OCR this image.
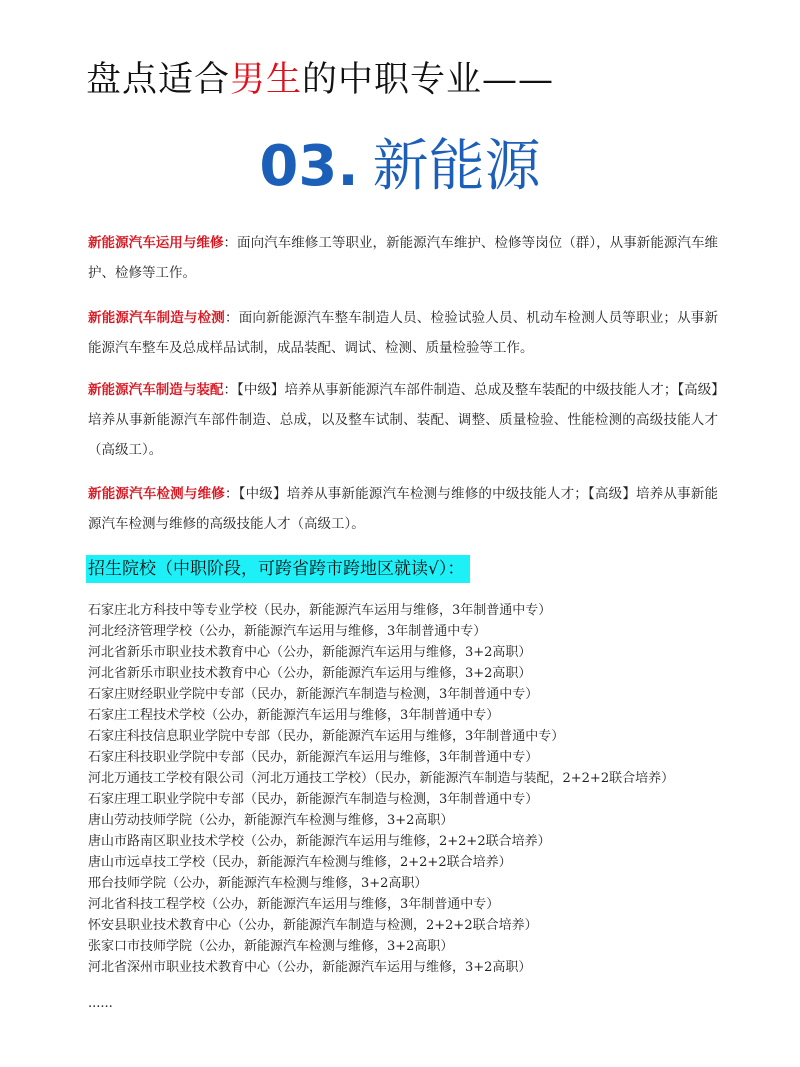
盘点适合男生的中职专业——
03. 新能源
新能源汽车运用与维修：面向汽车维修工等职业，新能源汽车维护、检修等岗位（群），从事新能源汽车维护、检修等工作。
新能源汽车制造与检测：面向新能源汽车整车制造人员、检验试验人员、机动车检测人员等职业；从事新能源汽车整车及总成样品试制，成品装配、调试、检测、质量检验等工作。
新能源汽车制造与装配：【中级】培养从事新能源汽车部件制造、总成及整车装配的中级技能人才；【高级】培养从事新能源汽车部件制造、总成，以及整车试制、装配、调整、质量检验、性能检测的高级技能人才（高级工）。
新能源汽车检测与维修：【中级】培养从事新能源汽车检测与维修的中级技能人才；【高级】培养从事新能源汽车检测与维修的高级技能人才（高级工）。
招生院校（中职阶段，可跨省跨市跨地区就读√）：
石家庄北方科技中等专业学校（民办，新能源汽车运用与维修，3年制普通中专）
河北经济管理学校（公办，新能源汽车运用与维修，3年制普通中专）
河北省新乐市职业技术教育中心（公办，新能源汽车运用与维修，3+2高职）
河北省新乐市职业技术教育中心（公办，新能源汽车运用与维修，3+2高职）
石家庄财经职业学院中专部（民办，新能源汽车制造与检测，3年制普通中专）
石家庄工程技术学校（公办，新能源汽车运用与维修，3年制普通中专）
石家庄科技信息职业学院中专部（民办，新能源汽车运用与维修，3年制普通中专）
石家庄科技职业学院中专部（民办，新能源汽车运用与维修，3年制普通中专）
河北万通技工学校有限公司（河北万通技工学校）（民办，新能源汽车制造与装配，2+2+2联合培养）
石家庄理工职业学院中专部（民办，新能源汽车制造与检测，3年制普通中专）
唐山劳动技师学院（公办，新能源汽车检测与维修，3+2高职）
唐山市路南区职业技术学校（公办，新能源汽车运用与维修，2+2+2联合培养）
唐山市远卓技工学校（民办，新能源汽车检测与维修，2+2+2联合培养）
邢台技师学院（公办，新能源汽车检测与维修，3+2高职）
河北省科技工程学校（公办，新能源汽车运用与维修，3年制普通中专）
怀安县职业技术教育中心（公办，新能源汽车制造与检测，2+2+2联合培养）
张家口市技师学院（公办，新能源汽车检测与维修，3+2高职）
河北省深州市职业技术教育中心（公办，新能源汽车运用与维修，3+2高职）
......
